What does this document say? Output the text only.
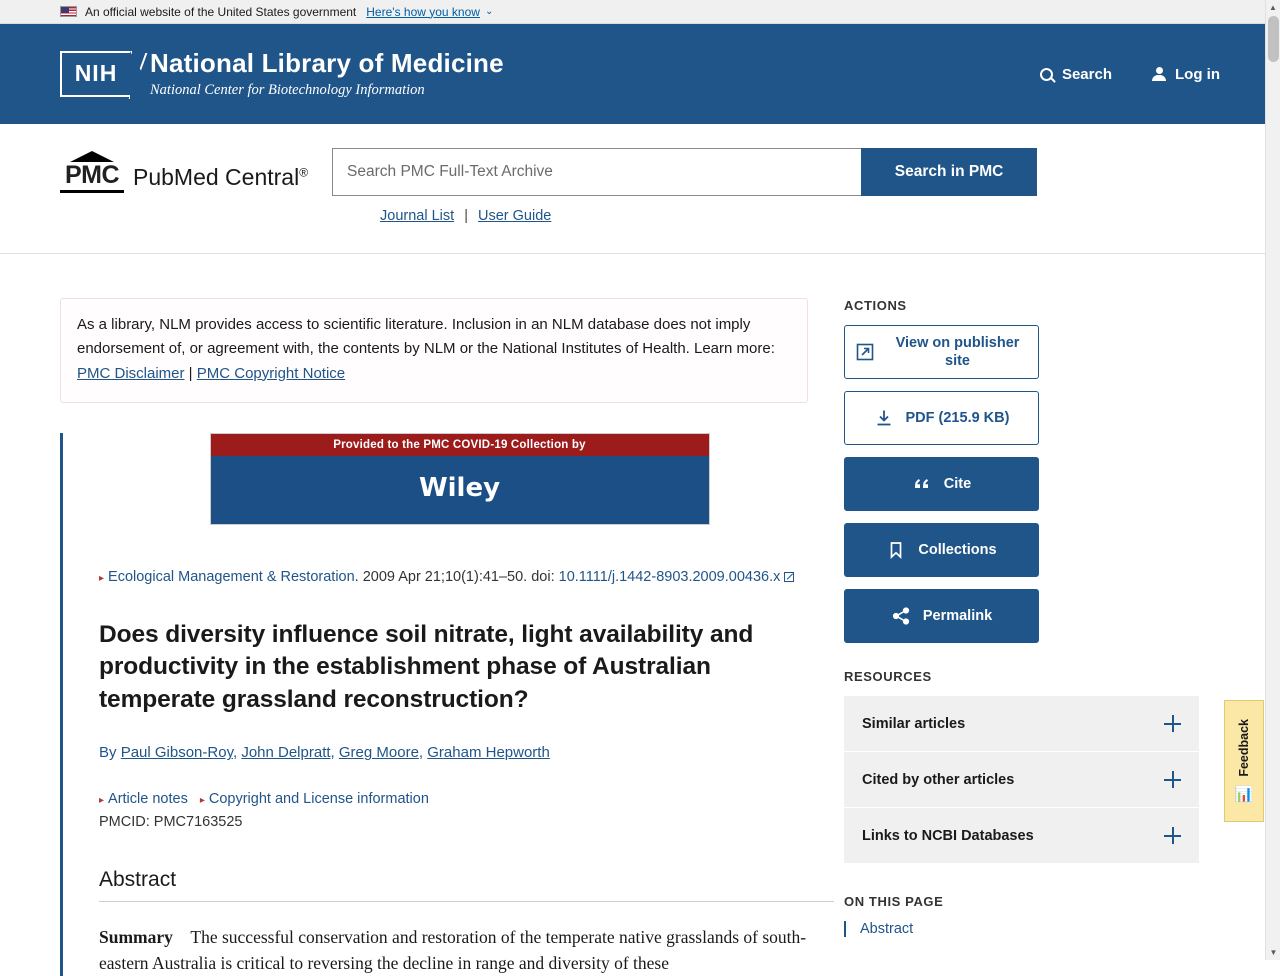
An official website of the United States government Here's how you know ⌄
NIH National Library of Medicine
National Center for Biotechnology Information
Search	Log in
PMC PubMed Central®
Search PMC Full-Text Archive	Search in PMC
Journal List | User Guide
As a library, NLM provides access to scientific literature. Inclusion in an NLM database does not imply endorsement of, or agreement with, the contents by NLM or the National Institutes of Health. Learn more: PMC Disclaimer | PMC Copyright Notice
Provided to the PMC COVID-19 Collection by
Wiley
▸ Ecological Management & Restoration. 2009 Apr 21;10(1):41–50. doi: 10.1111/j.1442-8903.2009.00436.x
Does diversity influence soil nitrate, light availability and productivity in the establishment phase of Australian temperate grassland reconstruction?
By Paul Gibson-Roy, John Delpratt, Greg Moore, Graham Hepworth
▸ Article notes ▸ Copyright and License information
PMCID: PMC7163525
Abstract
Summary The successful conservation and restoration of the temperate native grasslands of south-eastern Australia is critical to reversing the decline in range and diversity of these
ACTIONS
View on publisher site
PDF (215.9 KB)
Cite
Collections
Permalink
RESOURCES
Similar articles
Cited by other articles
Links to NCBI Databases
ON THIS PAGE
Abstract
Feedback
📊
▲
▼
